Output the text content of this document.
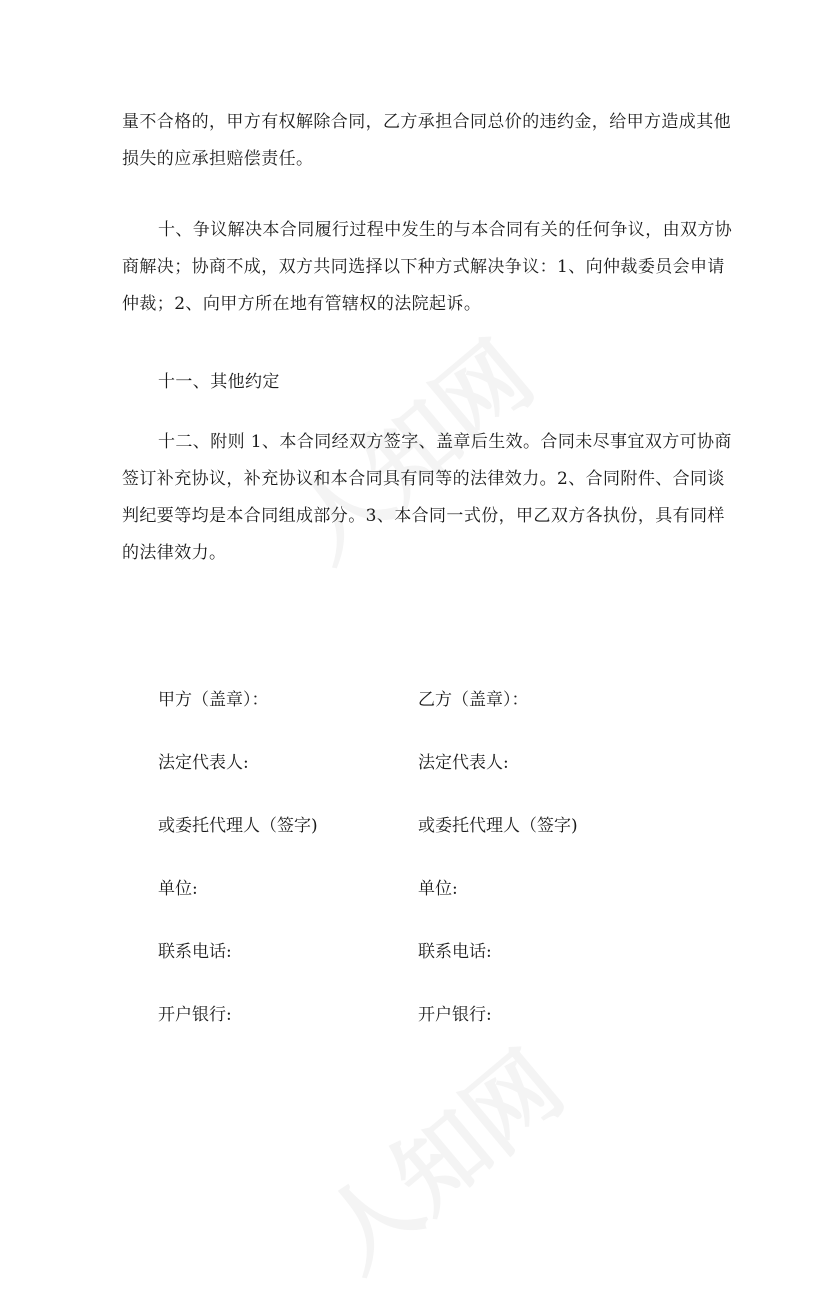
量不合格的，甲方有权解除合同，乙方承担合同总价的违约金，给甲方造成其他
损失的应承担赔偿责任。
十、争议解决本合同履行过程中发生的与本合同有关的任何争议，由双方协
商解决；协商不成，双方共同选择以下种方式解决争议：1、向仲裁委员会申请
仲裁；2、向甲方所在地有管辖权的法院起诉。
十一、其他约定
十二、附则 1、本合同经双方签字、盖章后生效。合同未尽事宜双方可协商
签订补充协议，补充协议和本合同具有同等的法律效力。2、合同附件、合同谈
判纪要等均是本合同组成部分。3、本合同一式份，甲乙双方各执份，具有同样
的法律效力。
甲方（盖章）：	乙方（盖章）：
法定代表人:	法定代表人:
或委托代理人（签字)	或委托代理人（签字)
单位:	单位:
联系电话:	联系电话:
开户银行:	开户银行:
